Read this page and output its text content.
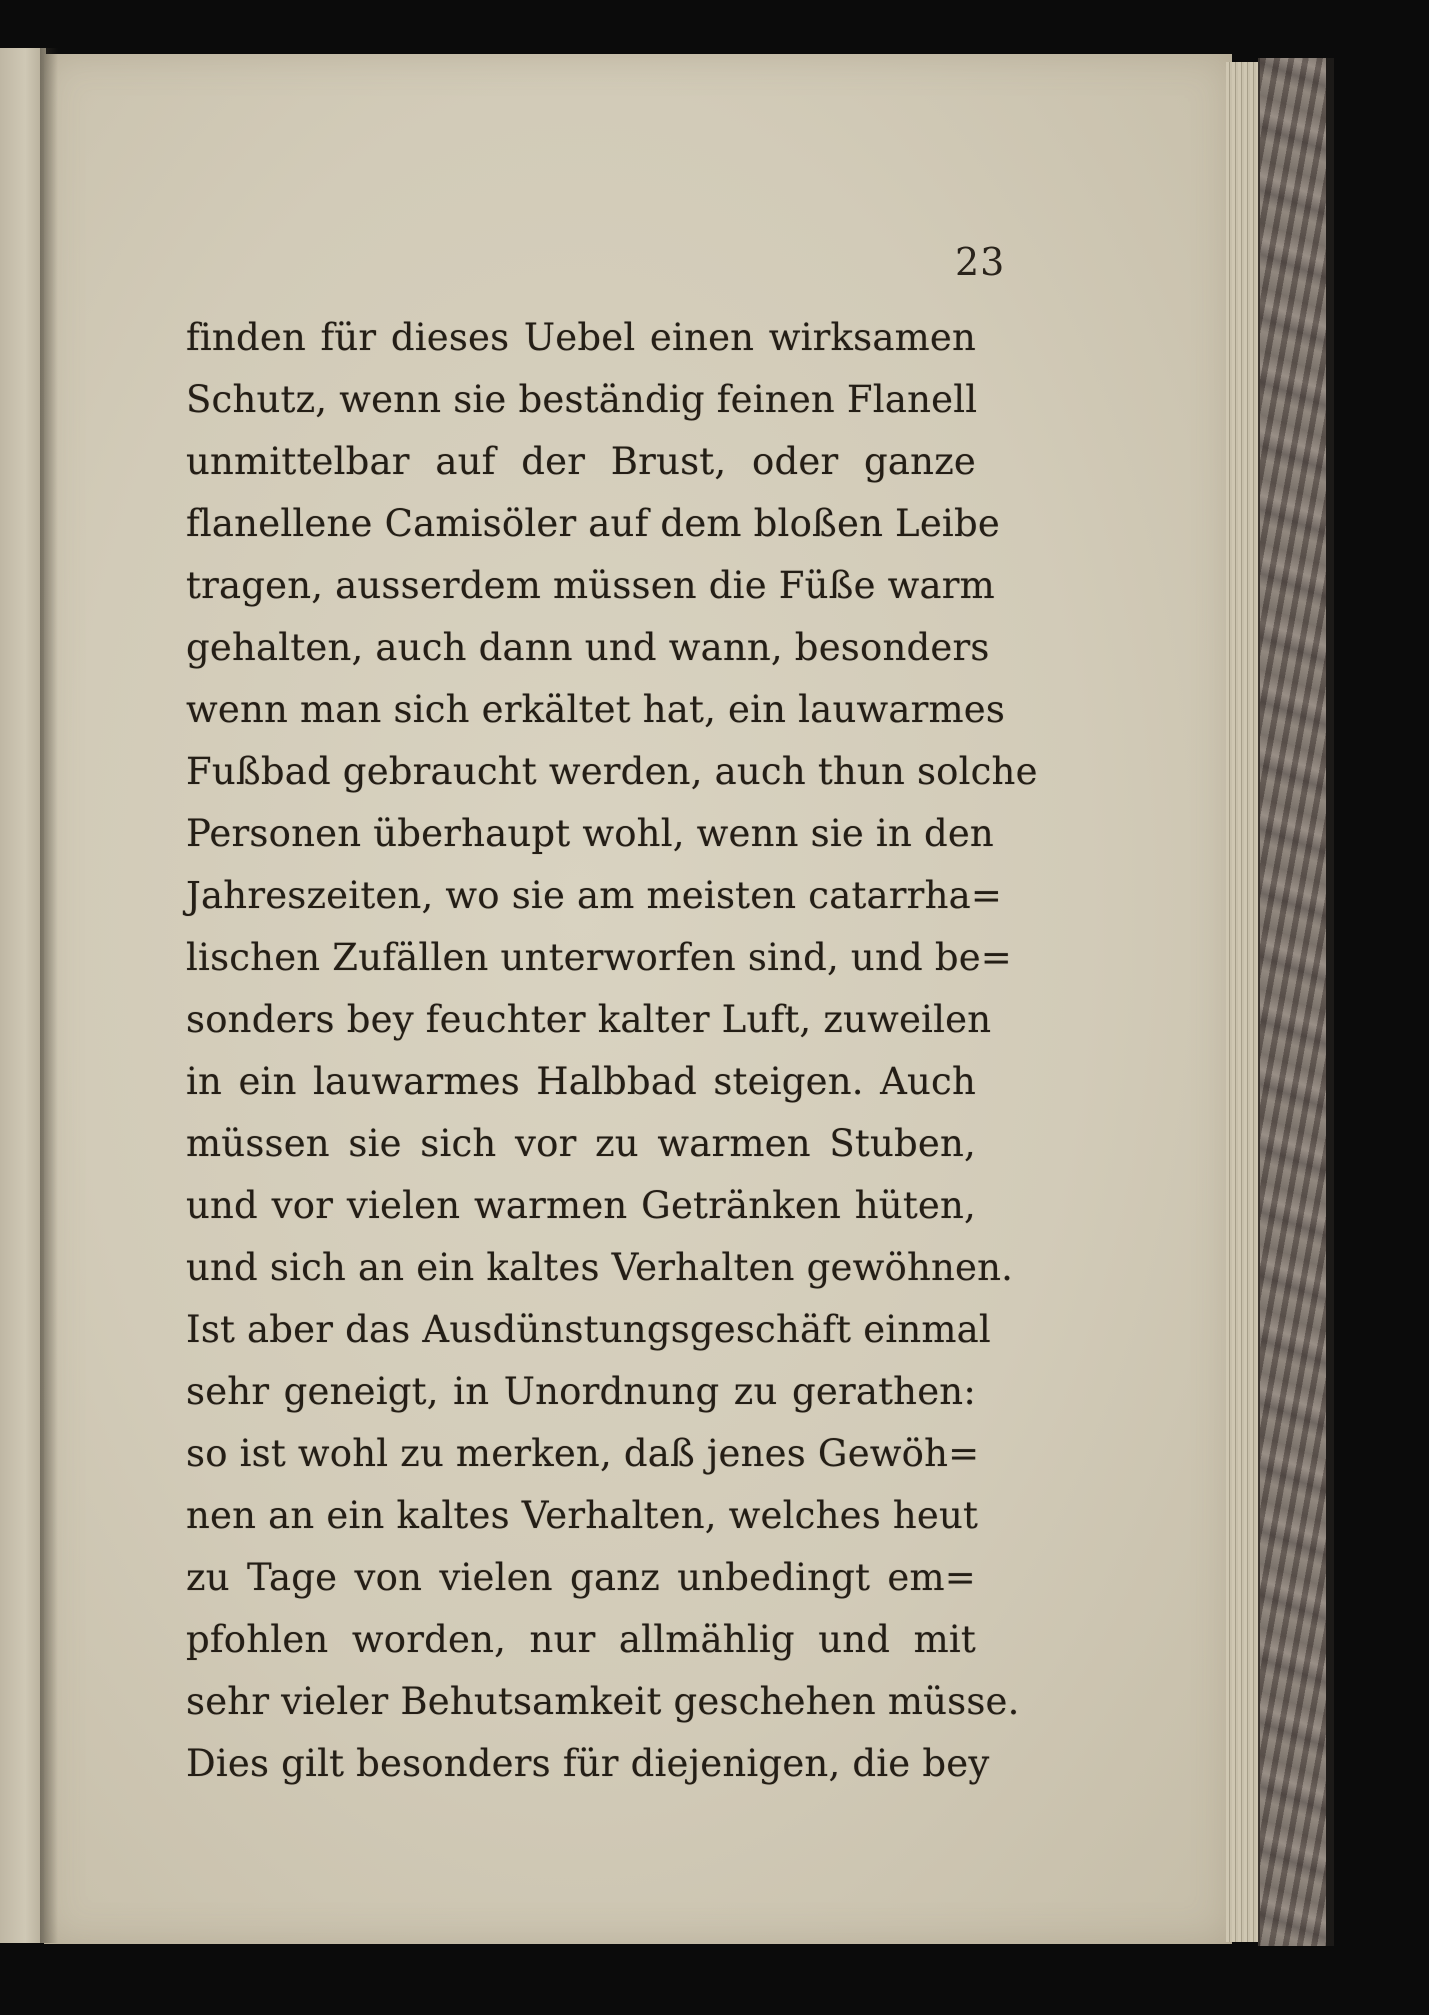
23
finden für dieses Uebel einen wirksamen
Schutz, wenn sie beständig feinen Flanell
unmittelbar auf der Brust, oder ganze
flanellene Camisöler auf dem bloßen Leibe
tragen, ausserdem müssen die Füße warm
gehalten, auch dann und wann, besonders
wenn man sich erkältet hat, ein lauwarmes
Fußbad gebraucht werden, auch thun solche
Personen überhaupt wohl, wenn sie in den
Jahreszeiten, wo sie am meisten catarrha=
lischen Zufällen unterworfen sind, und be=
sonders bey feuchter kalter Luft, zuweilen
in ein lauwarmes Halbbad steigen. Auch
müssen sie sich vor zu warmen Stuben,
und vor vielen warmen Getränken hüten,
und sich an ein kaltes Verhalten gewöhnen.
Ist aber das Ausdünstungsgeschäft einmal
sehr geneigt, in Unordnung zu gerathen:
so ist wohl zu merken, daß jenes Gewöh=
nen an ein kaltes Verhalten, welches heut
zu Tage von vielen ganz unbedingt em=
pfohlen worden, nur allmählig und mit
sehr vieler Behutsamkeit geschehen müsse.
Dies gilt besonders für diejenigen, die bey
